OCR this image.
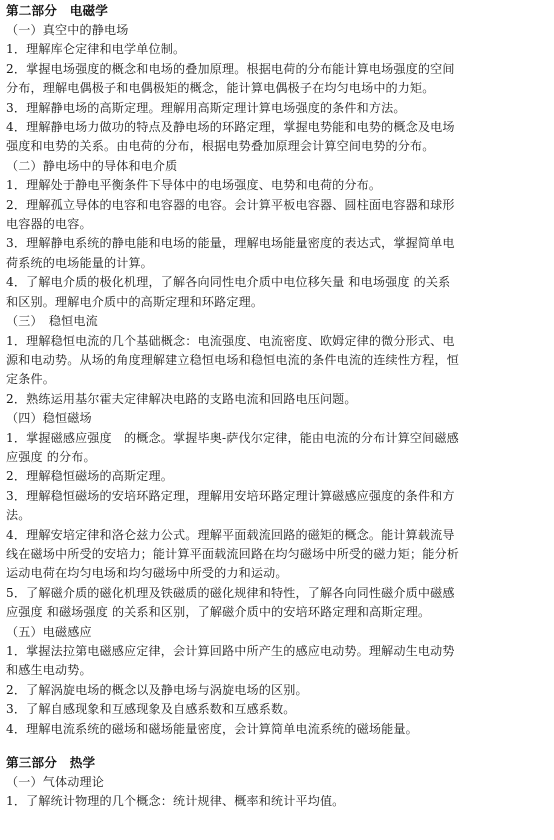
第二部分　电磁学
（一）真空中的静电场
1．理解库仑定律和电学单位制。
2．掌握电场强度的概念和电场的叠加原理。根据电荷的分布能计算电场强度的空间
分布，理解电偶极子和电偶极矩的概念，能计算电偶极子在均匀电场中的力矩。
3．理解静电场的高斯定理。理解用高斯定理计算电场强度的条件和方法。
4．理解静电场力做功的特点及静电场的环路定理，掌握电势能和电势的概念及电场
强度和电势的关系。由电荷的分布，根据电势叠加原理会计算空间电势的分布。
（二）静电场中的导体和电介质
1．理解处于静电平衡条件下导体中的电场强度、电势和电荷的分布。
2．理解孤立导体的电容和电容器的电容。会计算平板电容器、圆柱面电容器和球形
电容器的电容。
3．理解静电系统的静电能和电场的能量，理解电场能量密度的表达式，掌握简单电
荷系统的电场能量的计算。
4．了解电介质的极化机理，了解各向同性电介质中电位移矢量 和电场强度 的关系
和区别。理解电介质中的高斯定理和环路定理。
（三）　稳恒电流
1．理解稳恒电流的几个基础概念：电流强度、电流密度、欧姆定律的微分形式、电
源和电动势。从场的角度理解建立稳恒电场和稳恒电流的条件电流的连续性方程，恒
定条件。
2．熟练运用基尔霍夫定律解决电路的支路电流和回路电压问题。
（四）稳恒磁场
1．掌握磁感应强度　的概念。掌握毕奥-萨伐尔定律，能由电流的分布计算空间磁感
应强度 的分布。
2．理解稳恒磁场的高斯定理。
3．理解稳恒磁场的安培环路定理，理解用安培环路定理计算磁感应强度的条件和方
法。
4．理解安培定律和洛仑兹力公式。理解平面载流回路的磁矩的概念。能计算载流导
线在磁场中所受的安培力；能计算平面载流回路在均匀磁场中所受的磁力矩；能分析
运动电荷在均匀电场和均匀磁场中所受的力和运动。
5．了解磁介质的磁化机理及铁磁质的磁化规律和特性，了解各向同性磁介质中磁感
应强度 和磁场强度 的关系和区别，了解磁介质中的安培环路定理和高斯定理。
（五）电磁感应
1．掌握法拉第电磁感应定律，会计算回路中所产生的感应电动势。理解动生电动势
和感生电动势。
2．了解涡旋电场的概念以及静电场与涡旋电场的区别。
3．了解自感现象和互感现象及自感系数和互感系数。
4．理解电流系统的磁场和磁场能量密度，会计算简单电流系统的磁场能量。
第三部分　热学
（一）气体动理论
1．了解统计物理的几个概念：统计规律、概率和统计平均值。
